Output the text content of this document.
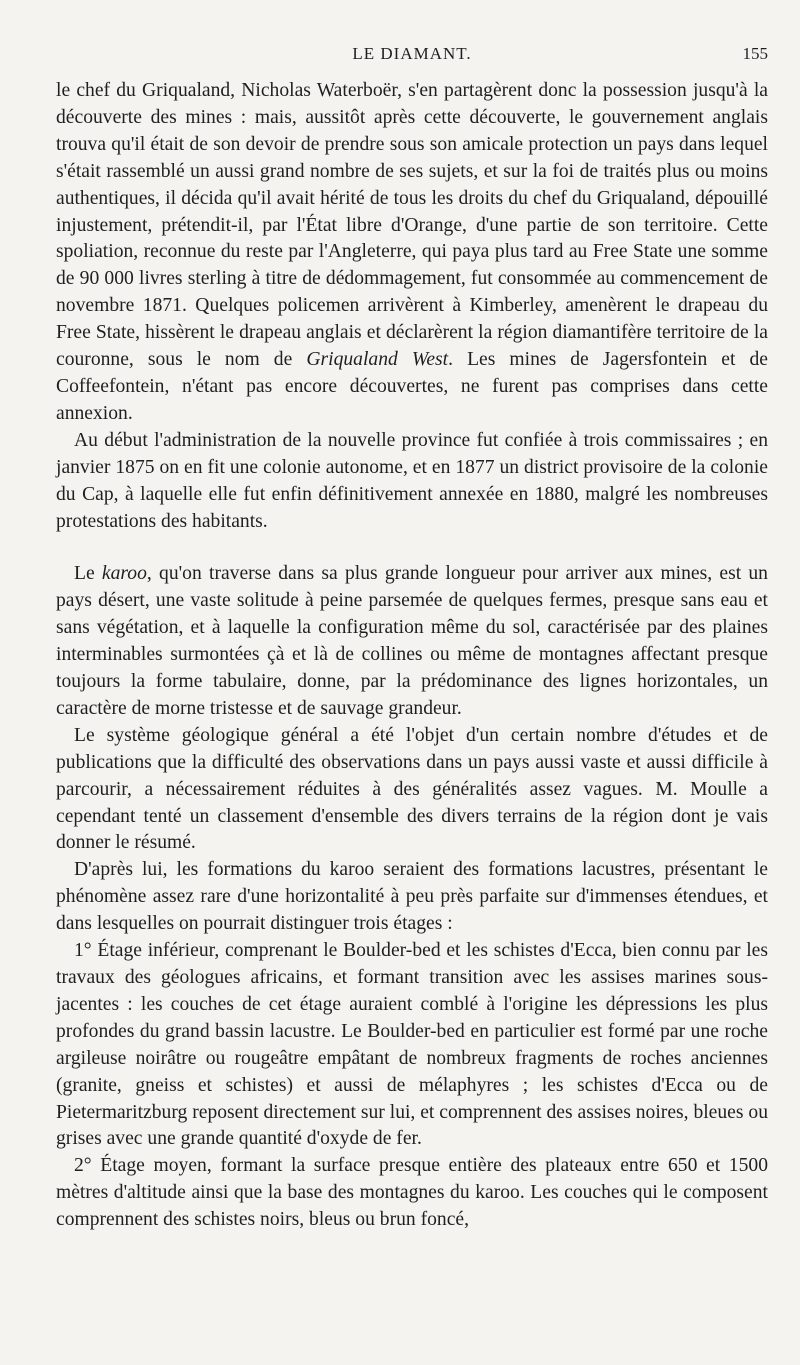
LE DIAMANT.	155

le chef du Griqualand, Nicholas Waterboër, s'en partagèrent donc la possession jusqu'à la découverte des mines : mais, aussitôt après cette découverte, le gouvernement anglais trouva qu'il était de son devoir de prendre sous son amicale protection un pays dans lequel s'était rassemblé un aussi grand nombre de ses sujets, et sur la foi de traités plus ou moins authentiques, il décida qu'il avait hérité de tous les droits du chef du Griqualand, dépouillé injustement, prétendit-il, par l'État libre d'Orange, d'une partie de son territoire. Cette spoliation, reconnue du reste par l'Angleterre, qui paya plus tard au Free State une somme de 90 000 livres sterling à titre de dédommagement, fut consommée au commencement de novembre 1871. Quelques policemen arrivèrent à Kimberley, amenèrent le drapeau du Free State, hissèrent le drapeau anglais et déclarèrent la région diamantifère territoire de la couronne, sous le nom de Griqualand West. Les mines de Jagersfontein et de Coffeefontein, n'étant pas encore découvertes, ne furent pas comprises dans cette annexion.

Au début l'administration de la nouvelle province fut confiée à trois commissaires ; en janvier 1875 on en fit une colonie autonome, et en 1877 un district provisoire de la colonie du Cap, à laquelle elle fut enfin définitivement annexée en 1880, malgré les nombreuses protestations des habitants.

Le karoo, qu'on traverse dans sa plus grande longueur pour arriver aux mines, est un pays désert, une vaste solitude à peine parsemée de quelques fermes, presque sans eau et sans végétation, et à laquelle la configuration même du sol, caractérisée par des plaines interminables surmontées çà et là de collines ou même de montagnes affectant presque toujours la forme tabulaire, donne, par la prédominance des lignes horizontales, un caractère de morne tristesse et de sauvage grandeur.

Le système géologique général a été l'objet d'un certain nombre d'études et de publications que la difficulté des observations dans un pays aussi vaste et aussi difficile à parcourir, a nécessairement réduites à des généralités assez vagues. M. Moulle a cependant tenté un classement d'ensemble des divers terrains de la région dont je vais donner le résumé.

D'après lui, les formations du karoo seraient des formations lacustres, présentant le phénomène assez rare d'une horizontalité à peu près parfaite sur d'immenses étendues, et dans lesquelles on pourrait distinguer trois étages :

1° Étage inférieur, comprenant le Boulder-bed et les schistes d'Ecca, bien connu par les travaux des géologues africains, et formant transition avec les assises marines sous-jacentes : les couches de cet étage auraient comblé à l'origine les dépressions les plus profondes du grand bassin lacustre. Le Boulder-bed en particulier est formé par une roche argileuse noirâtre ou rougeâtre empâtant de nombreux fragments de roches anciennes (granite, gneiss et schistes) et aussi de mélaphyres ; les schistes d'Ecca ou de Pietermaritzburg reposent directement sur lui, et comprennent des assises noires, bleues ou grises avec une grande quantité d'oxyde de fer.

2° Étage moyen, formant la surface presque entière des plateaux entre 650 et 1500 mètres d'altitude ainsi que la base des montagnes du karoo. Les couches qui le composent comprennent des schistes noirs, bleus ou brun foncé,
